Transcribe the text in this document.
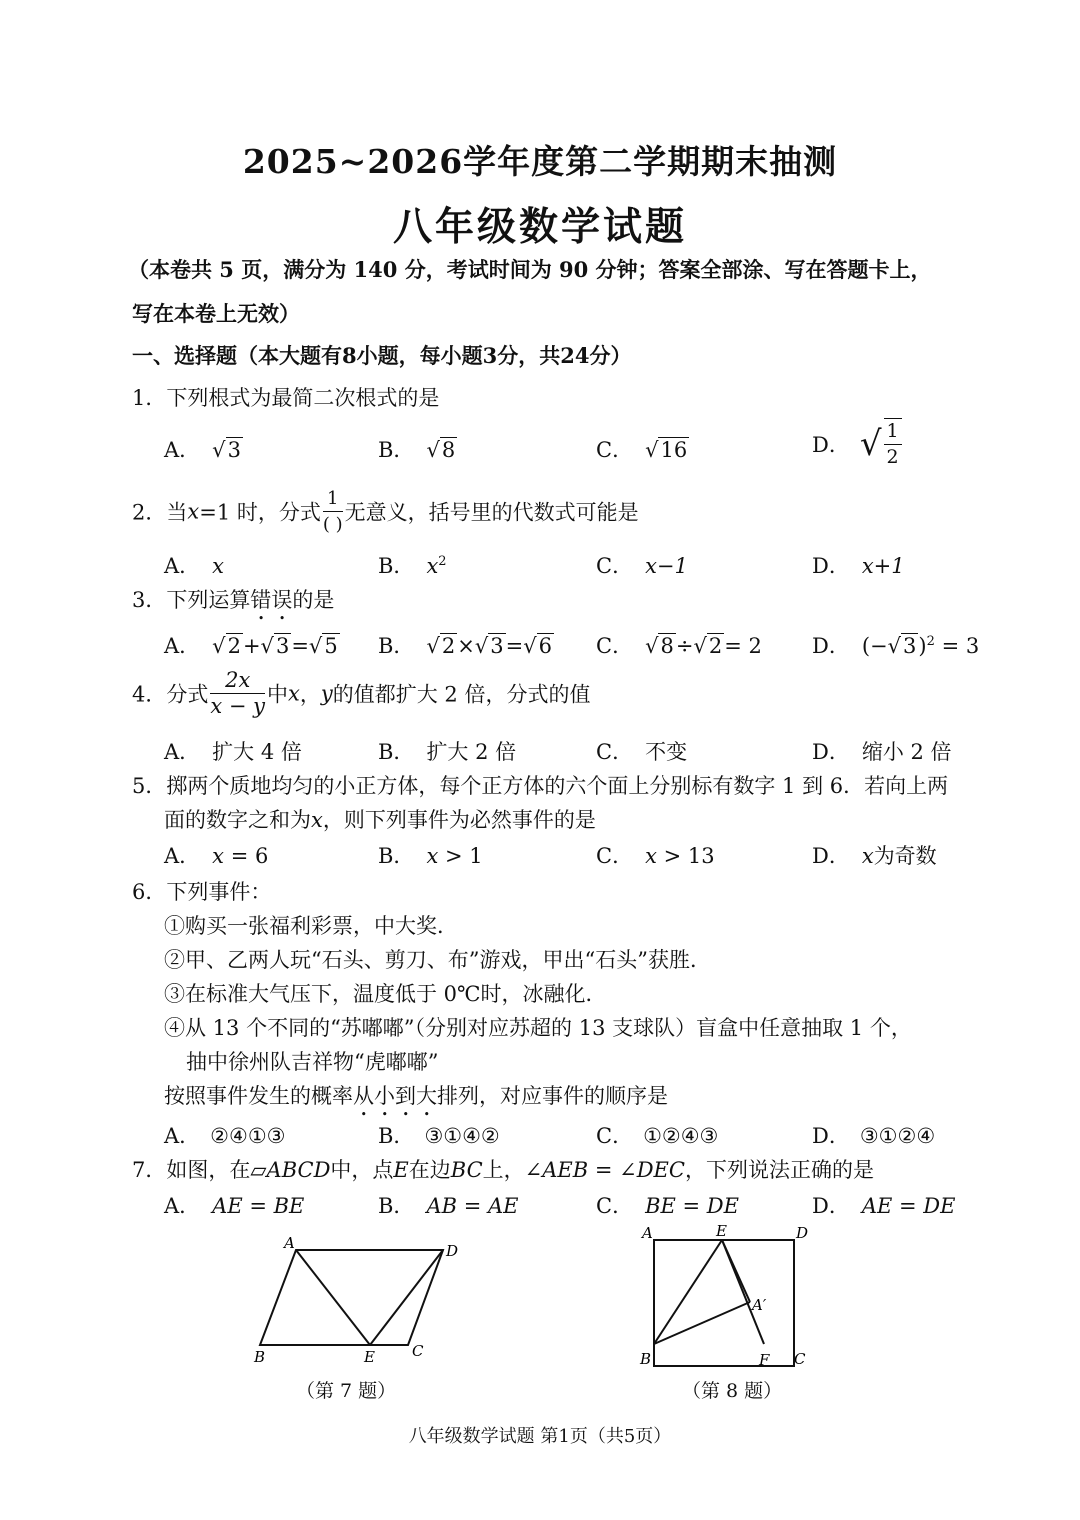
2025~2026学年度第二学期期末抽测
八年级数学试题
（本卷共 5 页，满分为 140 分，考试时间为 90 分钟；答案全部涂、写在答题卡上，
写在本卷上无效）
一、选择题（本大题有8小题，每小题3分，共24分）
1．下列根式为最简二次根式的是
A． √3	B． √8	C． √16	D． √ $\frac{1}{2}$
2．当x=1 时，分式 $\frac{1}{( )}$ 无意义，括号里的代数式可能是
A． x	B． $x^2$	C． x−1	D． x+1
3．下列运算错误的是
A． √2+√3=√5 B． √2×√3=√6 C． √8÷√2= 2 D． $(-√3)^2 = 3$
4．分式 $\frac{2x}{x - y}$ 中x，y的值都扩大 2 倍，分式的值
A． 扩大 4 倍	B． 扩大 2 倍	C． 不变	D． 缩小 2 倍
5．掷两个质地均匀的小正方体，每个正方体的六个面上分别标有数字 1 到 6．若向上两
面的数字之和为x，则下列事件为必然事件的是
A． x = 6	B． x > 1	C． x > 13	D． x为奇数
6．下列事件：
①购买一张福利彩票，中大奖．
②甲、乙两人玩“石头、剪刀、布”游戏，甲出“石头”获胜．
③在标准大气压下，温度低于 0℃时，冰融化．
④从 13 个不同的“苏嘟嘟”（分别对应苏超的 13 支球队）盲盒中任意抽取 1 个，
抽中徐州队吉祥物“虎嘟嘟”
按照事件发生的概率从小到大排列，对应事件的顺序是
A． ②④①③	B． ③①④②	C． ①②④③	D． ③①②④
7．如图，在▱ABCD中，点E在边BC上，∠AEB = ∠DEC，下列说法正确的是
A． AE = BE	B． AB = AE	C． BE = DE	D． AE = DE
A	D
B	E C
（第 7 题）
A	E	D
A′
B	F C
（第 8 题）
八年级数学试题 第1页（共5页）
